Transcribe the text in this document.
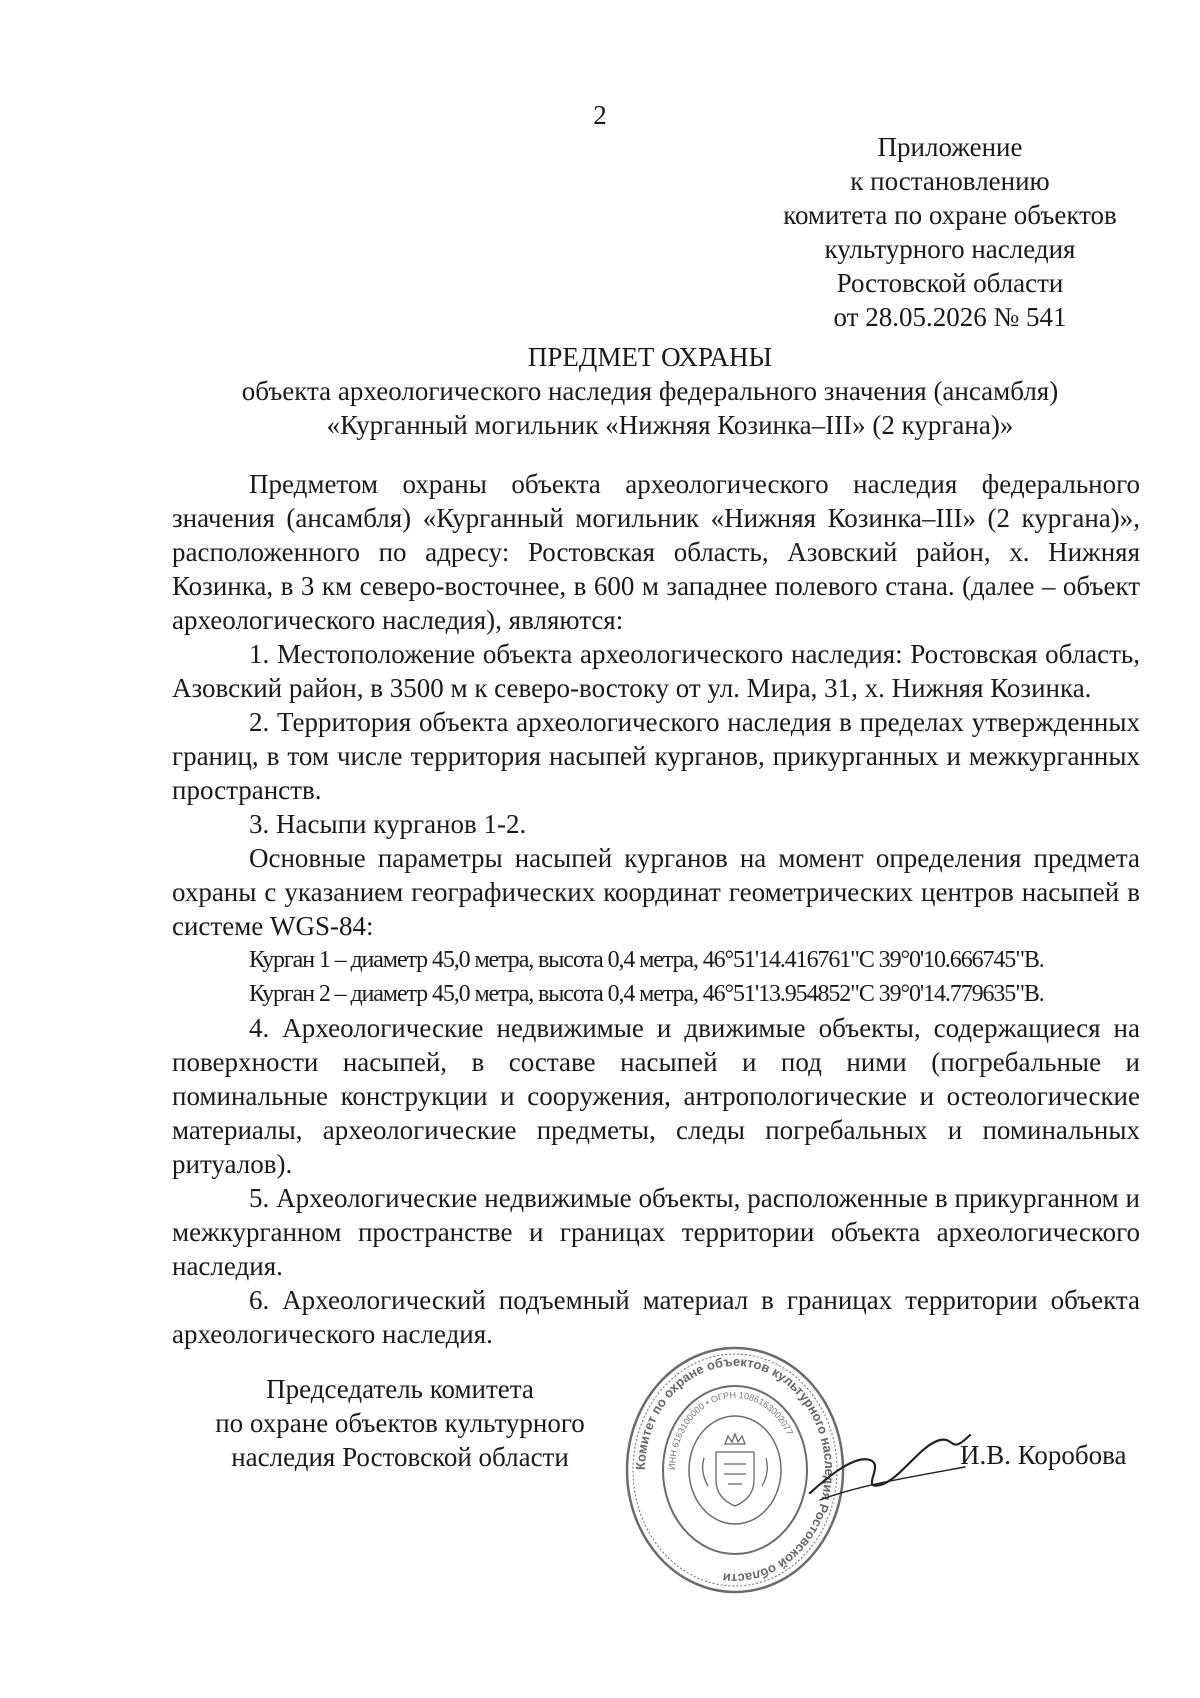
2
Приложение
к постановлению
комитета по охране объектов
культурного наследия
Ростовской области
от 28.05.2026 № 541
ПРЕДМЕТ ОХРАНЫ
объекта археологического наследия федерального значения (ансамбля)
«Курганный могильник «Нижняя Козинка–III» (2 кургана)»

Предметом охраны объекта археологического наследия федерального значения (ансамбля) «Курганный могильник «Нижняя Козинка–III» (2 кургана)», расположенного по адресу: Ростовская область, Азовский район, х. Нижняя Козинка, в 3 км северо-восточнее, в 600 м западнее полевого стана. (далее – объект археологического наследия), являются:

1. Местоположение объекта археологического наследия: Ростовская область, Азовский район, в 3500 м к северо-востоку от ул. Мира, 31, х. Нижняя Козинка.

2. Территория объекта археологического наследия в пределах утвержденных границ, в том числе территория насыпей курганов, прикурганных и межкурганных пространств.

3. Насыпи курганов 1-2.

Основные параметры насыпей курганов на момент определения предмета охраны с указанием географических координат геометрических центров насыпей в системе WGS-84:

Курган 1 – диаметр 45,0 метра, высота 0,4 метра, 46°51'14.416761"С 39°0'10.666745"В.

Курган 2 – диаметр 45,0 метра, высота 0,4 метра, 46°51'13.954852"С 39°0'14.779635"В.

4. Археологические недвижимые и движимые объекты, содержащиеся на поверхности насыпей, в составе насыпей и под ними (погребальные и поминальные конструкции и сооружения, антропологические и остеологические материалы, археологические предметы, следы погребальных и поминальных ритуалов).

5. Археологические недвижимые объекты, расположенные в прикурганном и межкурганном пространстве и границах территории объекта археологического наследия.

6. Археологический подъемный материал в границах территории объекта археологического наследия.

Председатель комитета
по охране объектов культурного
наследия Ростовской области	Комитет по охране объектов культурного наследия Ростовской области
ИНН 6163100000 • ОГРН 1086163002077
И.В. Коробова
